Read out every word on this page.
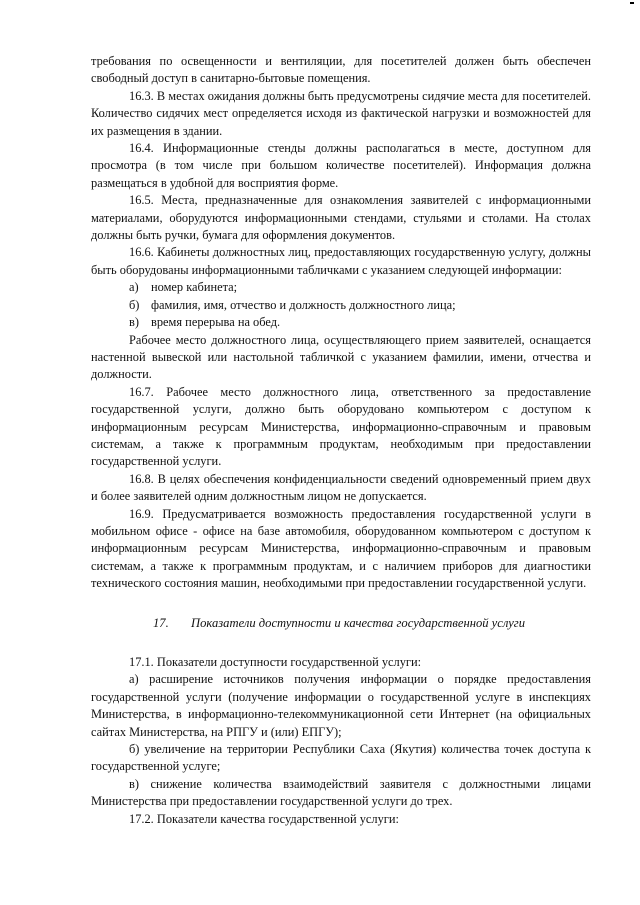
требования по освещенности и вентиляции, для посетителей должен быть обеспечен свободный доступ в санитарно-бытовые помещения.

16.3. В местах ожидания должны быть предусмотрены сидячие места для посетителей. Количество сидячих мест определяется исходя из фактической нагрузки и возможностей для их размещения в здании.

16.4. Информационные стенды должны располагаться в месте, доступном для просмотра (в том числе при большом количестве посетителей). Информация должна размещаться в удобной для восприятия форме.

16.5. Места, предназначенные для ознакомления заявителей с информационными материалами, оборудуются информационными стендами, стульями и столами. На столах должны быть ручки, бумага для оформления документов.

16.6. Кабинеты должностных лиц, предоставляющих государственную услугу, должны быть оборудованы информационными табличками с указанием следующей информации:

а) номер кабинета;

б) фамилия, имя, отчество и должность должностного лица;

в) время перерыва на обед.

Рабочее место должностного лица, осуществляющего прием заявителей, оснащается настенной вывеской или настольной табличкой с указанием фамилии, имени, отчества и должности.

16.7. Рабочее место должностного лица, ответственного за предоставление государственной услуги, должно быть оборудовано компьютером с доступом к информационным ресурсам Министерства, информационно-справочным и правовым системам, а также к программным продуктам, необходимым при предоставлении государственной услуги.

16.8. В целях обеспечения конфиденциальности сведений одновременный прием двух и более заявителей одним должностным лицом не допускается.

16.9. Предусматривается возможность предоставления государственной услуги в мобильном офисе - офисе на базе автомобиля, оборудованном компьютером с доступом к информационным ресурсам Министерства, информационно-справочным и правовым системам, а также к программным продуктам, и с наличием приборов для диагностики технического состояния машин, необходимыми при предоставлении государственной услуги.

17. Показатели доступности и качества государственной услуги

17.1. Показатели доступности государственной услуги:

а) расширение источников получения информации о порядке предоставления государственной услуги (получение информации о государственной услуге в инспекциях Министерства, в информационно-телекоммуникационной сети Интернет (на официальных сайтах Министерства, на РПГУ и (или) ЕПГУ);

б) увеличение на территории Республики Саха (Якутия) количества точек доступа к государственной услуге;

в) снижение количества взаимодействий заявителя с должностными лицами Министерства при предоставлении государственной услуги до трех.

17.2. Показатели качества государственной услуги:
